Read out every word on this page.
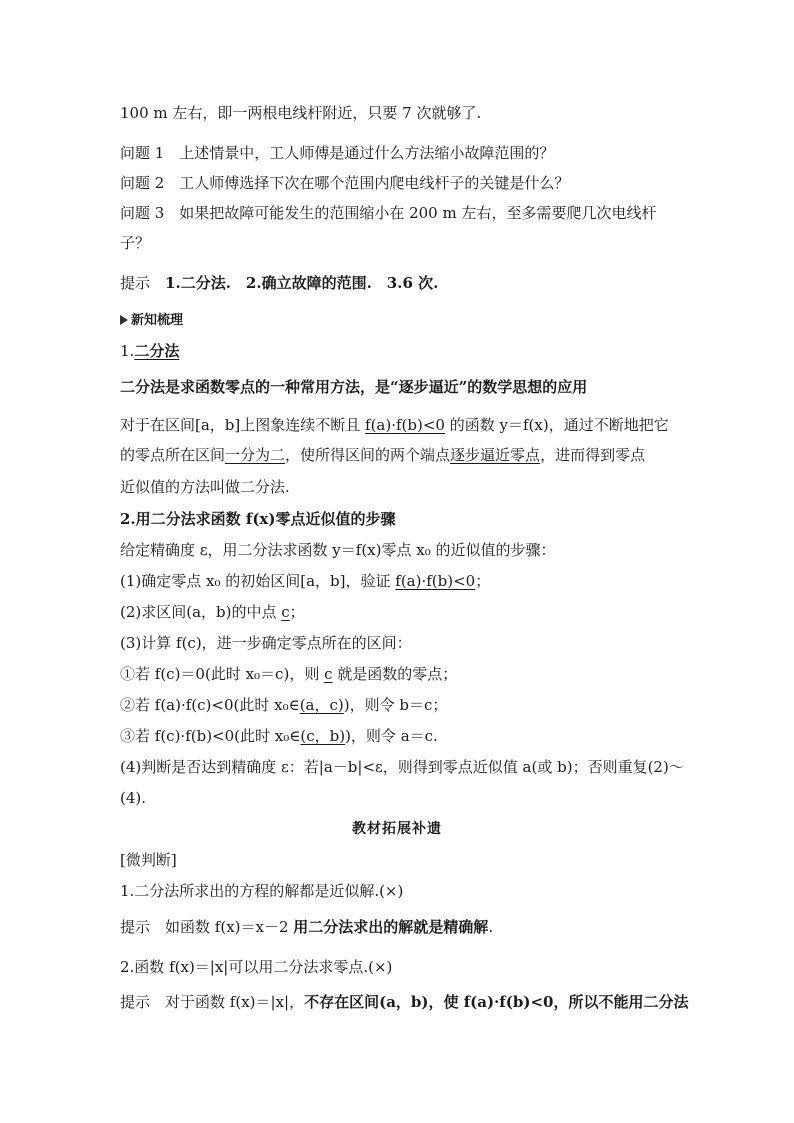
100 m 左右，即一两根电线杆附近，只要 7 次就够了.
问题 1　上述情景中，工人师傅是通过什么方法缩小故障范围的？
问题 2　工人师傅选择下次在哪个范围内爬电线杆子的关键是什么？
问题 3　如果把故障可能发生的范围缩小在 200 m 左右，至多需要爬几次电线杆
子？
提示　 1.二分法.　2.确立故障的范围.　3.6 次.
新知梳理
1.二分法
二分法是求函数零点的一种常用方法，是“逐步逼近”的数学思想的应用
对于在区间[a，b]上图象连续不断且 f(a)·f(b)<0 的函数 y＝f(x)，通过不断地把它
的零点所在区间一分为二，使所得区间的两个端点逐步逼近零点，进而得到零点
近似值的方法叫做二分法.
2.用二分法求函数 f(x)零点近似值的步骤
给定精确度 ε，用二分法求函数 y＝f(x)零点 x₀ 的近似值的步骤：
(1)确定零点 x₀ 的初始区间[a，b]，验证 f(a)·f(b)<0；
(2)求区间(a，b)的中点 c；
(3)计算 f(c)，进一步确定零点所在的区间：
①若 f(c)＝0(此时 x₀＝c)，则 c 就是函数的零点；
②若 f(a)·f(c)<0(此时 x₀∈(a，c))，则令 b＝c；
③若 f(c)·f(b)<0(此时 x₀∈(c，b))，则令 a＝c.
(4)判断是否达到精确度 ε：若|a－b|<ε，则得到零点近似值 a(或 b)；否则重复(2)～
(4).
教材拓展补遗
[微判断]
1.二分法所求出的方程的解都是近似解.(×)
提示　 如函数 f(x)＝x－2 用二分法求出的解就是精确解.
2.函数 f(x)＝|x|可以用二分法求零点.(×)
提示　 对于函数 f(x)＝|x|，不存在区间(a，b)，使 f(a)·f(b)<0，所以不能用二分法
